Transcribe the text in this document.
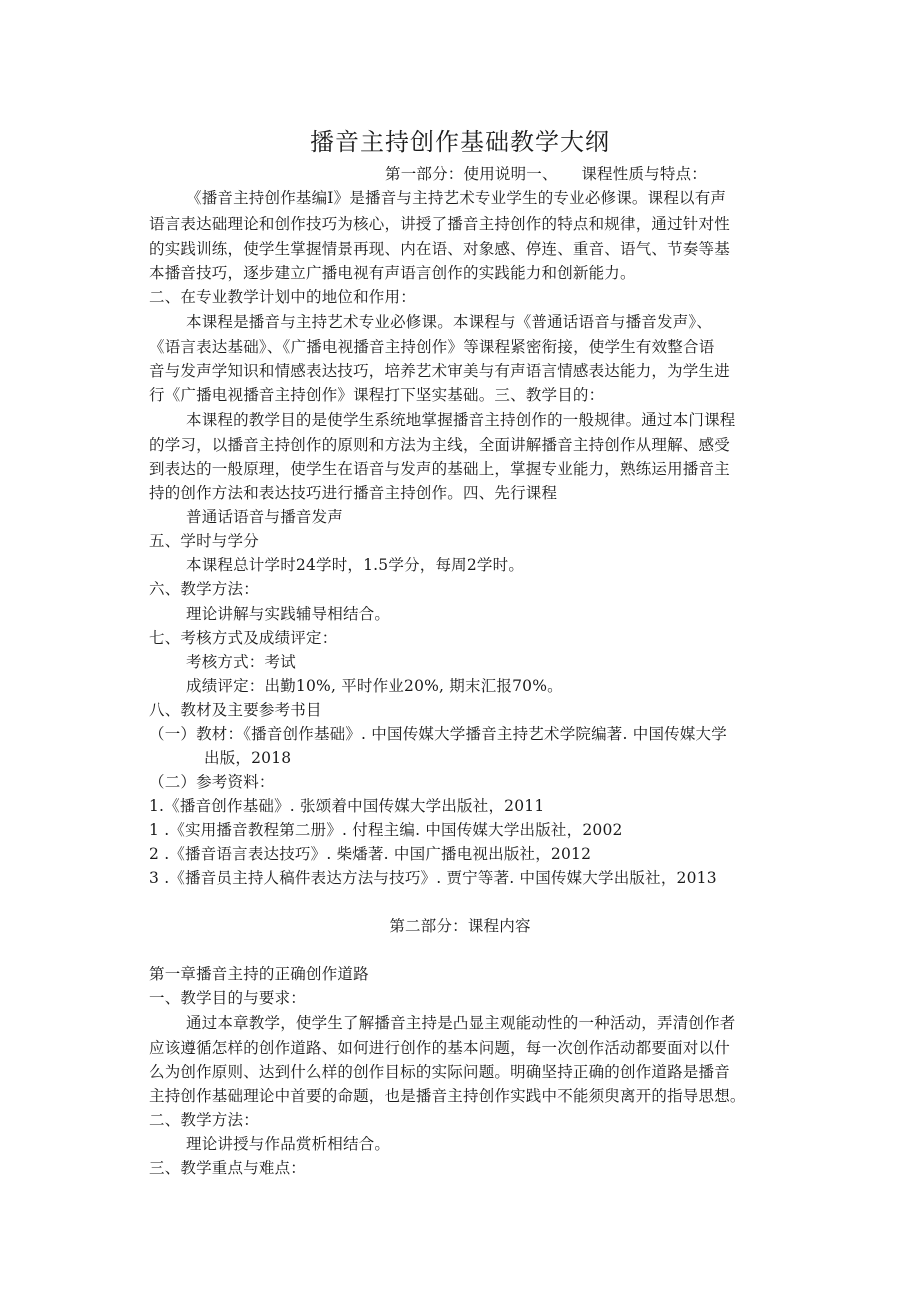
播音主持创作基础教学大纲
第一部分：使用说明一、　　课程性质与特点：
《播音主持创作基编Ⅰ》是播音与主持艺术专业学生的专业必修课。课程以有声
语言表达础理论和创作技巧为核心，讲授了播音主持创作的特点和规律，通过针对性
的实践训练，使学生掌握情景再现、内在语、对象感、停连、重音、语气、节奏等基
本播音技巧，逐步建立广播电视有声语言创作的实践能力和创新能力。
二、在专业教学计划中的地位和作用：
本课程是播音与主持艺术专业必修课。本课程与《普通话语音与播音发声》、
《语言表达基础》、《广播电视播音主持创作》等课程紧密衔接，使学生有效整合语
音与发声学知识和情感表达技巧，培养艺术审美与有声语言情感表达能力，为学生进
行《广播电视播音主持创作》课程打下坚实基础。三、教学目的：
本课程的教学目的是使学生系统地掌握播音主持创作的一般规律。通过本门课程
的学习，以播音主持创作的原则和方法为主线，全面讲解播音主持创作从理解、感受
到表达的一般原理，使学生在语音与发声的基础上，掌握专业能力，熟练运用播音主
持的创作方法和表达技巧进行播音主持创作。四、先行课程
普通话语音与播音发声
五、学时与学分
本课程总计学时24学时，1.5学分，每周2学时。
六、教学方法：
理论讲解与实践辅导相结合。
七、考核方式及成绩评定：
考核方式：考试
成绩评定：出勤10%, 平时作业20%, 期末汇报70%。
八、教材及主要参考书目
（一）教材：《播音创作基础》. 中国传媒大学播音主持艺术学院编著. 中国传媒大学
出版，2018
（二）参考资料：
1.《播音创作基础》. 张颂着中国传媒大学出版社，2011
1 .《实用播音教程第二册》. 付程主编. 中国传媒大学出版社，2002
2 .《播音语言表达技巧》. 柴燔著. 中国广播电视出版社，2012
3 .《播音员主持人稿件表达方法与技巧》. 贾宁等著. 中国传媒大学出版社，2013
第二部分：课程内容
第一章播音主持的正确创作道路
一、教学目的与要求：
通过本章教学，使学生了解播音主持是凸显主观能动性的一种活动，弄清创作者
应该遵循怎样的创作道路、如何进行创作的基本问题，每一次创作活动都要面对以什
么为创作原则、达到什么样的创作目标的实际问题。明确坚持正确的创作道路是播音
主持创作基础理论中首要的命题，也是播音主持创作实践中不能须臾离开的指导思想。
二、教学方法：
理论讲授与作品赏析相结合。
三、教学重点与难点：
